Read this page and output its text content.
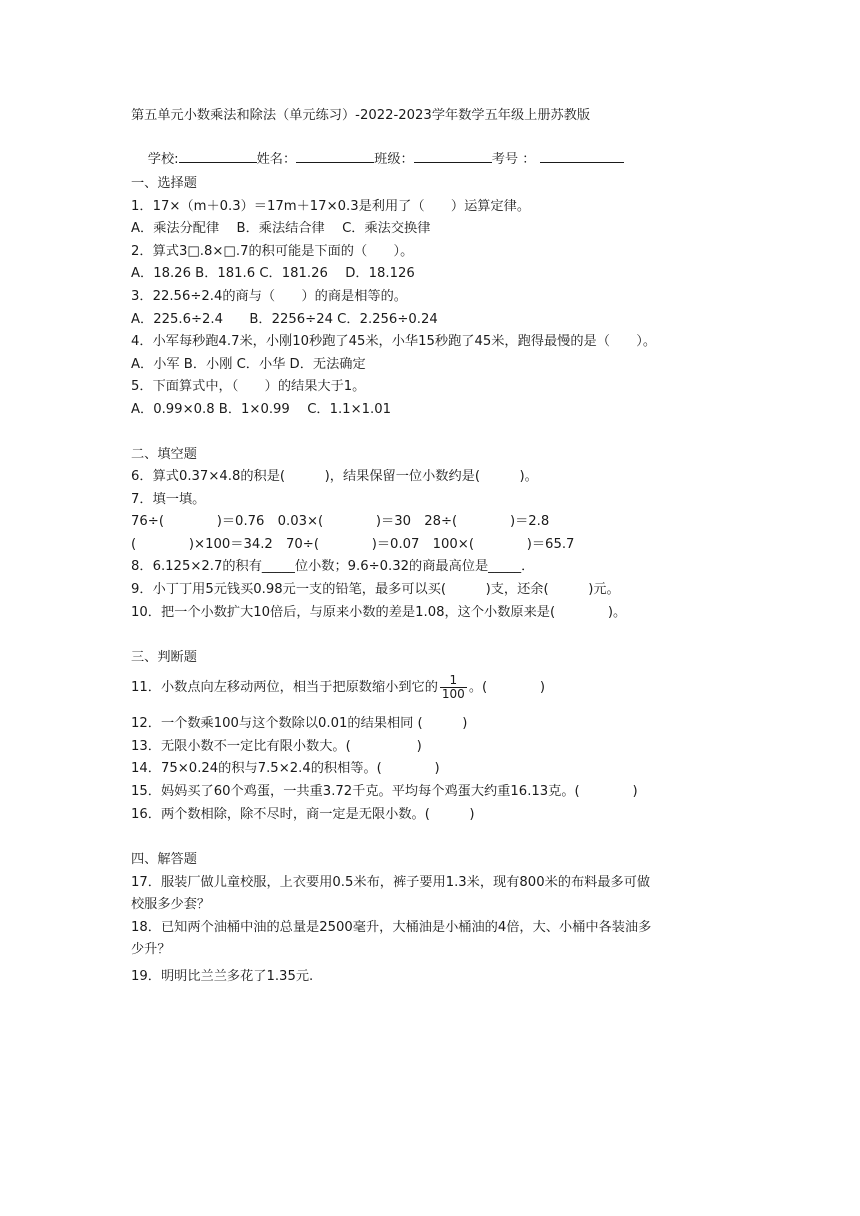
第五单元小数乘法和除法（单元练习）-2022-2023学年数学五年级上册苏教版

学校:	姓名：	班级：	考号 ：

一、选择题
1．17×（m＋0.3）＝17m＋17×0.3是利用了（　　）运算定律。
A．乘法分配律　 B．乘法结合律　 C．乘法交换律
2．算式3□.8×□.7的积可能是下面的（　　）。
A．18.26 B．181.6 C．181.26　 D．18.126
3．22.56÷2.4的商与（　　）的商是相等的。
A．225.6÷2.4　　B．2256÷24 C．2.256÷0.24
4．小军每秒跑4.7米，小刚10秒跑了45米，小华15秒跑了45米，跑得最慢的是（　　）。
A．小军 B．小刚 C．小华 D．无法确定
5．下面算式中，（　　）的结果大于1。
A．0.99×0.8 B．1×0.99　 C．1.1×1.01
二、填空题
6．算式0.37×4.8的积是(　　　)，结果保留一位小数约是(　　　)。
7．填一填。
76÷(　　　　)＝0.76　0.03×(　　　　)＝30　28÷(　　　　)＝2.8
(　　　　)×100＝34.2　70÷(　　　　)＝0.07　100×(　　　　)＝65.7
8．6.125×2.7的积有_____位小数；9.6÷0.32的商最高位是_____．
9．小丁丁用5元钱买0.98元一支的铅笔，最多可以买(　　　)支，还余(　　　)元。
10．把一个小数扩大10倍后，与原来小数的差是1.08，这个小数原来是(　　　　)。
三、判断题
11．小数点向左移动两位，相当于把原数缩小到它的 $\frac{1}{100}$ 。(　　　　)
12．一个数乘100与这个数除以0.01的结果相同 (　　　)
13．无限小数不一定比有限小数大。(　　　　　)
14．75×0.24的积与7.5×2.4的积相等。(　　　　)
15．妈妈买了60个鸡蛋，一共重3.72千克。平均每个鸡蛋大约重16.13克。(　　　　)
16．两个数相除，除不尽时，商一定是无限小数。(　　　)
四、解答题
17．服装厂做儿童校服，上衣要用0.5米布，裤子要用1.3米，现有800米的布料最多可做
校服多少套？
18．已知两个油桶中油的总量是2500毫升，大桶油是小桶油的4倍，大、小桶中各装油多
少升？
19．明明比兰兰多花了1.35元.
